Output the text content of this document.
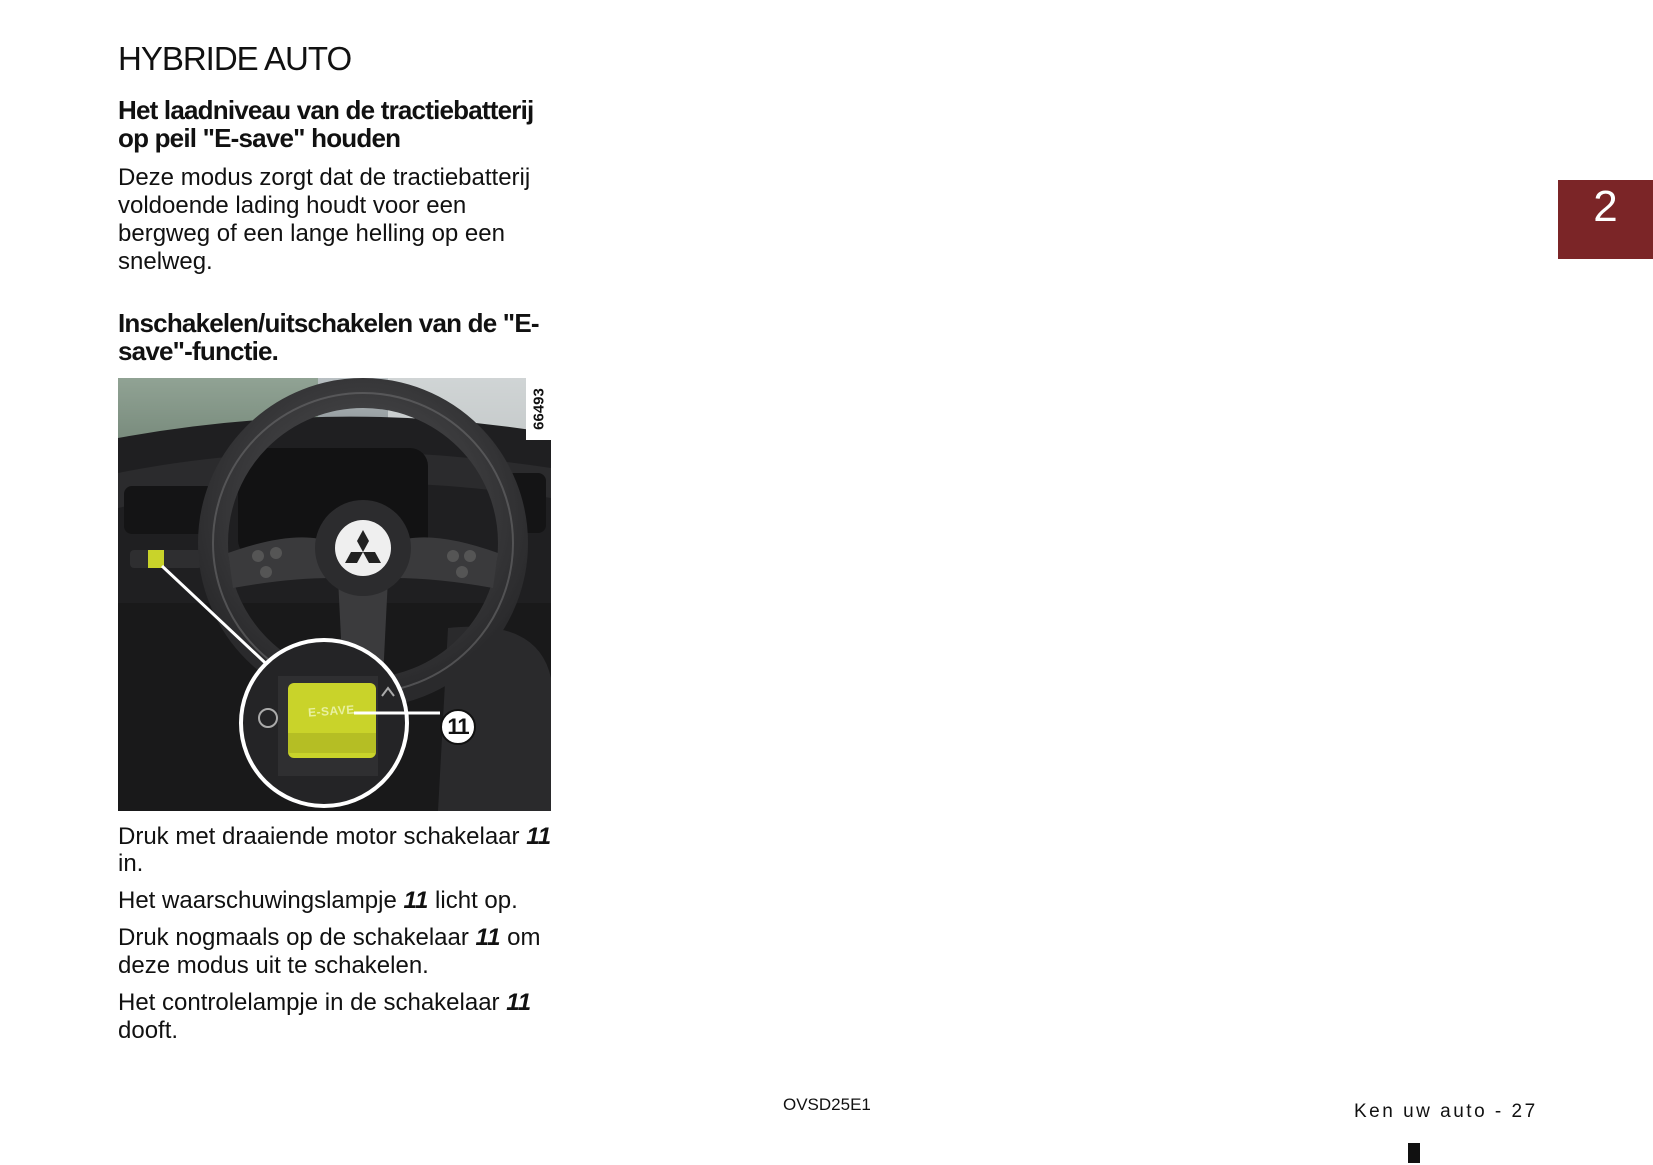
HYBRIDE AUTO
Het laadniveau van de tractiebatterij op peil "E-save" houden

Deze modus zorgt dat de tractiebatterij voldoende lading houdt voor een bergweg of een lange helling op een snelweg.

Inschakelen/uitschakelen van de "E-save"-functie.
E-SAVE
11
66493

Druk met draaiende motor schakelaar 11 in.

Het waarschuwingslampje 11 licht op.

Druk nogmaals op de schakelaar 11 om deze modus uit te schakelen.

Het controlelampje in de schakelaar 11 dooft.

2
OVSD25E1	Ken uw auto - 27
